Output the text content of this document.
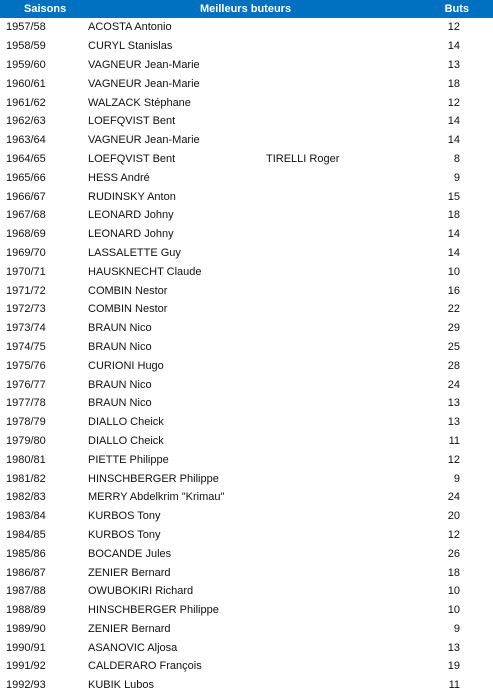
Saisons	Meilleurs buteurs		Buts
1957/58	ACOSTA Antonio		12
1958/59	CURYL Stanislas		14
1959/60	VAGNEUR Jean-Marie		13
1960/61	VAGNEUR Jean-Marie		18
1961/62	WALZACK Stéphane		12
1962/63	LOEFQVIST Bent		14
1963/64	VAGNEUR Jean-Marie		14
1964/65	LOEFQVIST Bent	TIRELLI Roger	8
1965/66	HESS André		9
1966/67	RUDINSKY Anton		15
1967/68	LEONARD Johny		18
1968/69	LEONARD Johny		14
1969/70	LASSALETTE Guy		14
1970/71	HAUSKNECHT Claude		10
1971/72	COMBIN Nestor		16
1972/73	COMBIN Nestor		22
1973/74	BRAUN Nico		29
1974/75	BRAUN Nico		25
1975/76	CURIONI Hugo		28
1976/77	BRAUN Nico		24
1977/78	BRAUN Nico		13
1978/79	DIALLO Cheick		13
1979/80	DIALLO Cheick		11
1980/81	PIETTE Philippe		12
1981/82	HINSCHBERGER Philippe		9
1982/83	MERRY Abdelkrim "Krimau"		24
1983/84	KURBOS Tony		20
1984/85	KURBOS Tony		12
1985/86	BOCANDE Jules		26
1986/87	ZENIER Bernard		18
1987/88	OWUBOKIRI Richard		10
1988/89	HINSCHBERGER Philippe		10
1989/90	ZENIER Bernard		9
1990/91	ASANOVIC Aljosa		13
1991/92	CALDERARO François		19
1992/93	KUBIK Lubos		11
